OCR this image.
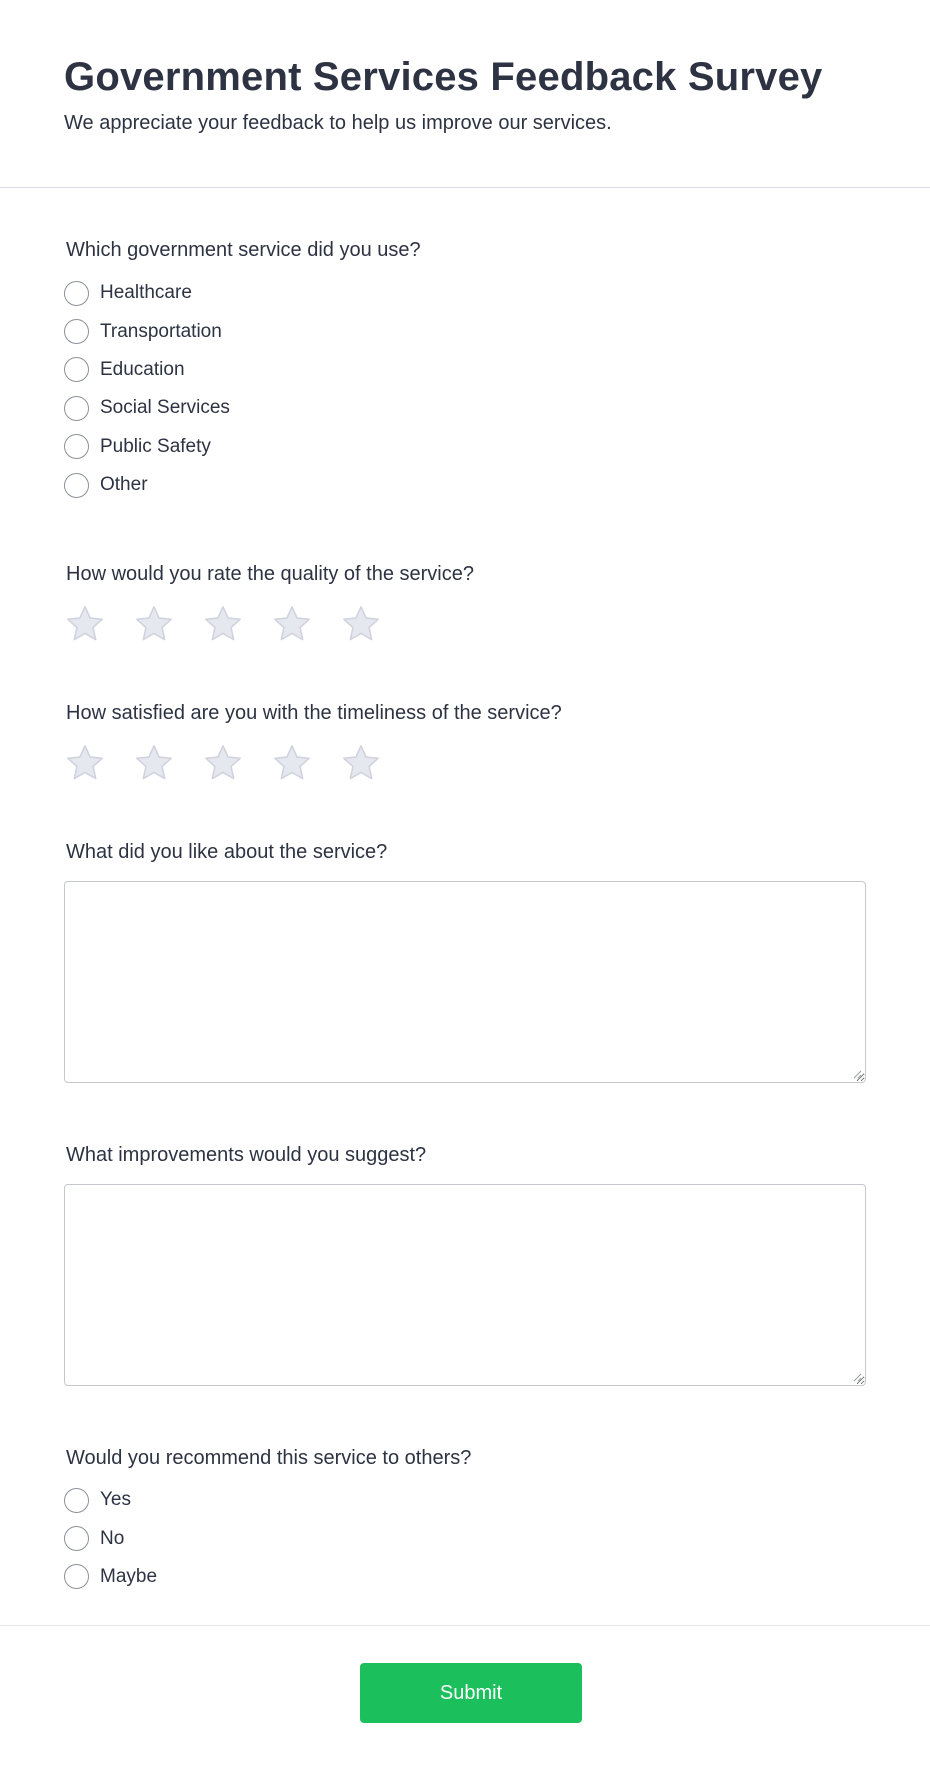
Government Services Feedback Survey

We appreciate your feedback to help us improve our services.

Which government service did you use?
Healthcare
Transportation
Education
Social Services
Public Safety
Other
How would you rate the quality of the service?
How satisfied are you with the timeliness of the service?
What did you like about the service?
What improvements would you suggest?
Would you recommend this service to others?
Yes
No
Maybe
Submit
